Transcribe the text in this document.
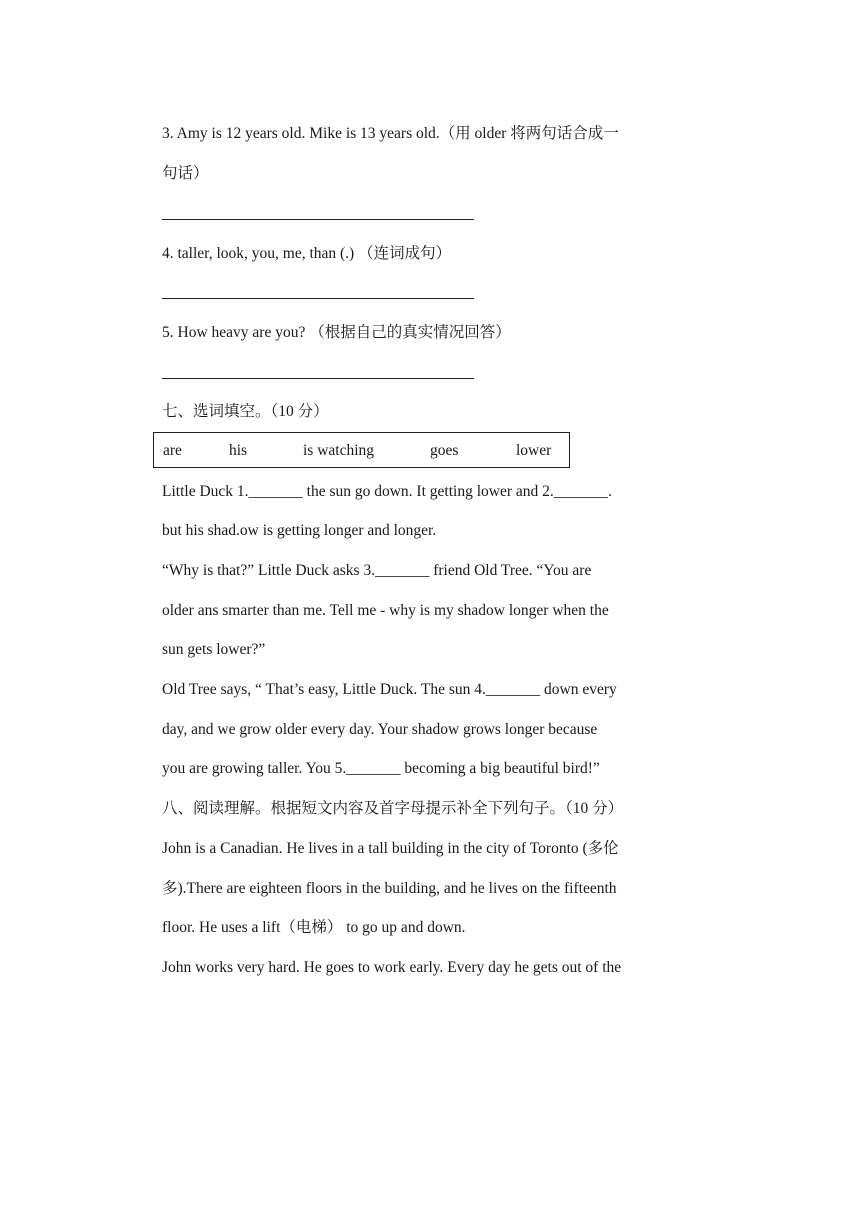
3. Amy is 12 years old. Mike is 13 years old.（用 older 将两句话合成一
句话）
4. taller, look, you, me, than (.) （连词成句）
5. How heavy are you? （根据自己的真实情况回答）
七、选词填空。（10 分）
are	his	is watching	goes	lower
Little Duck 1._______ the sun go down. It getting lower and 2._______.
but his shad.ow is getting longer and longer.
“Why is that?” Little Duck asks 3._______ friend Old Tree. “You are
older ans smarter than me. Tell me - why is my shadow longer when the
sun gets lower?”
Old Tree says, “ That’s easy, Little Duck. The sun 4._______ down every
day, and we grow older every day. Your shadow grows longer because
you are growing taller. You 5._______ becoming a big beautiful bird!”
八、阅读理解。根据短文内容及首字母提示补全下列句子。（10 分）
John is a Canadian. He lives in a tall building in the city of Toronto (多伦
多).There are eighteen floors in the building, and he lives on the fifteenth
floor. He uses a lift（电梯） to go up and down.
John works very hard. He goes to work early. Every day he gets out of the
